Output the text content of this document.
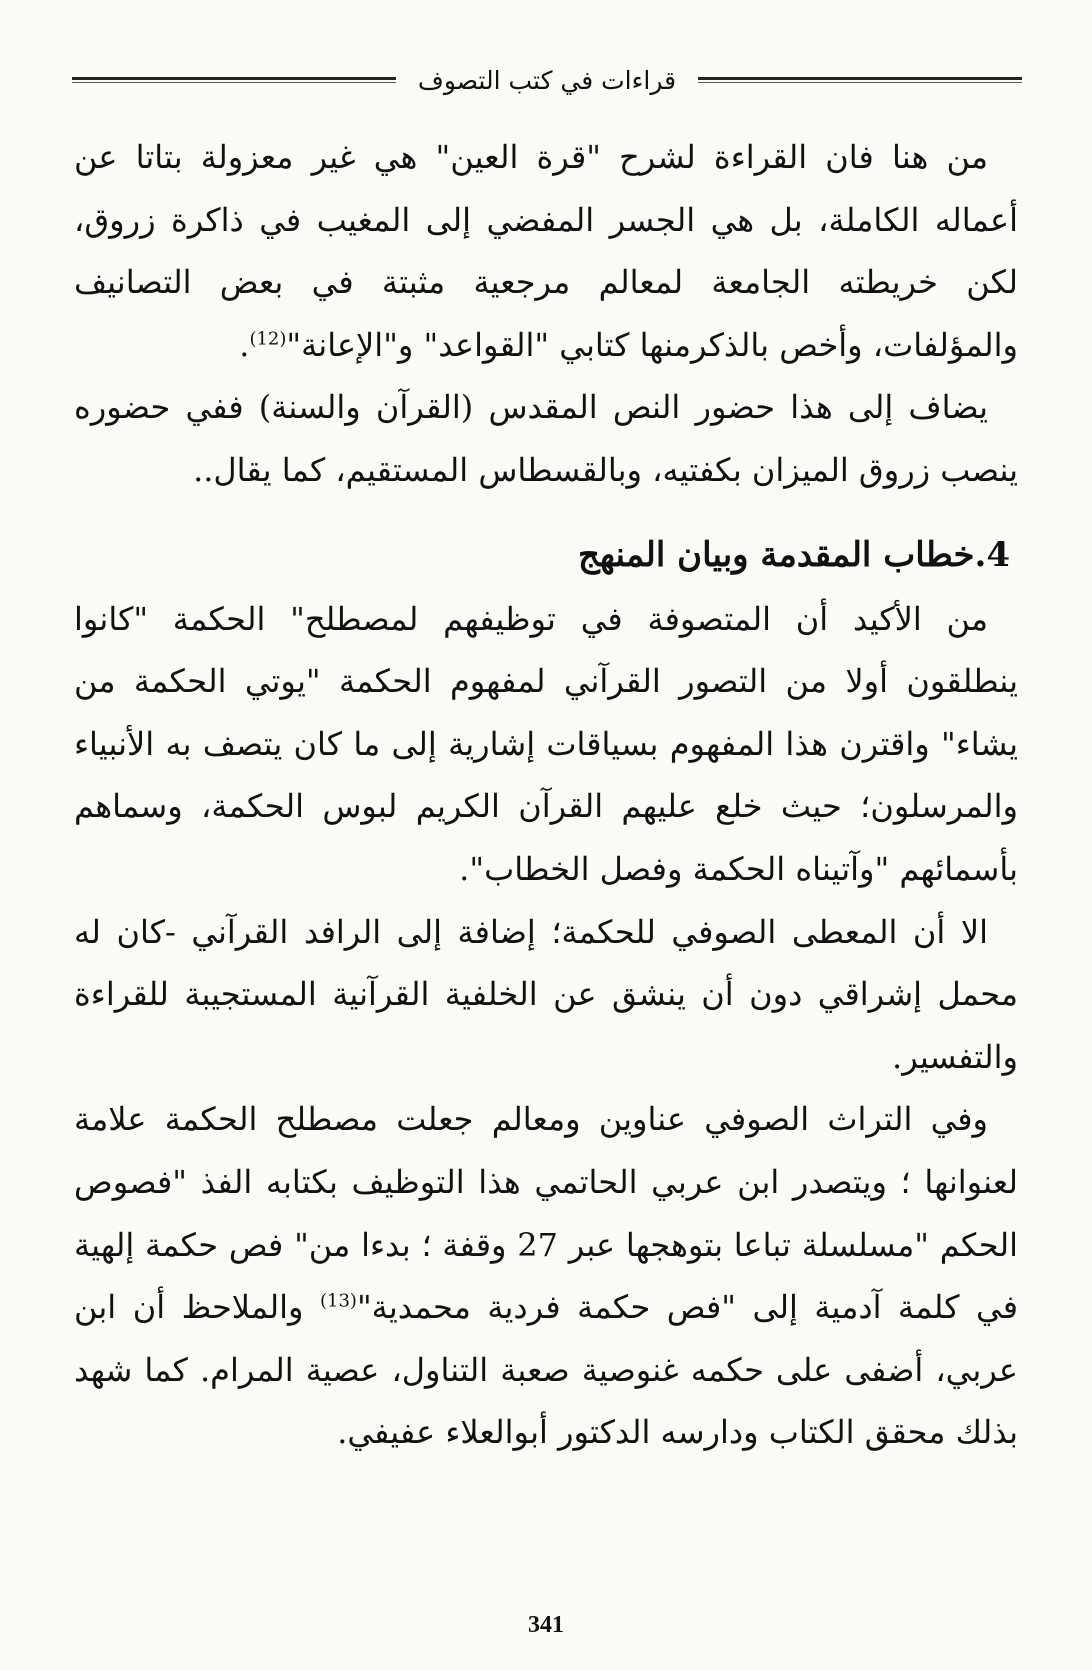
قراءات في كتب التصوف

من هنا فان القراءة لشرح "قرة العين" هي غير معزولة بتاتا عن أعماله الكاملة، بل هي الجسر المفضي إلى المغيب في ذاكرة زروق، لكن خريطته الجامعة لمعالم مرجعية مثبتة في بعض التصانيف والمؤلفات، وأخص بالذكرمنها كتابي "القواعد" و"الإعانة"$^{(12)}$.

يضاف إلى هذا حضور النص المقدس (القرآن والسنة) ففي حضوره ينصب زروق الميزان بكفتيه، وبالقسطاس المستقيم، كما يقال..

4.خطاب المقدمة وبيان المنهج

من الأكيد أن المتصوفة في توظيفهم لمصطلح" الحكمة "كانوا ينطلقون أولا من التصور القرآني لمفهوم الحكمة "يوتي الحكمة من يشاء" واقترن هذا المفهوم بسياقات إشارية إلى ما كان يتصف به الأنبياء والمرسلون؛ حيث خلع عليهم القرآن الكريم لبوس الحكمة، وسماهم بأسمائهم "وآتيناه الحكمة وفصل الخطاب".

الا أن المعطى الصوفي للحكمة؛ إضافة إلى الرافد القرآني -كان له محمل إشراقي دون أن ينشق عن الخلفية القرآنية المستجيبة للقراءة والتفسير.

وفي التراث الصوفي عناوين ومعالم جعلت مصطلح الحكمة علامة لعنوانها ؛ ويتصدر ابن عربي الحاتمي هذا التوظيف بكتابه الفذ "فصوص الحكم "مسلسلة تباعا بتوهجها عبر 27 وقفة ؛ بدءا من" فص حكمة إلهية في كلمة آدمية إلى "فص حكمة فردية محمدية"$^{(13)}$ والملاحظ أن ابن عربي، أضفى على حكمه غنوصية صعبة التناول، عصية المرام. كما شهد بذلك محقق الكتاب ودارسه الدكتور أبوالعلاء عفيفي.

341
